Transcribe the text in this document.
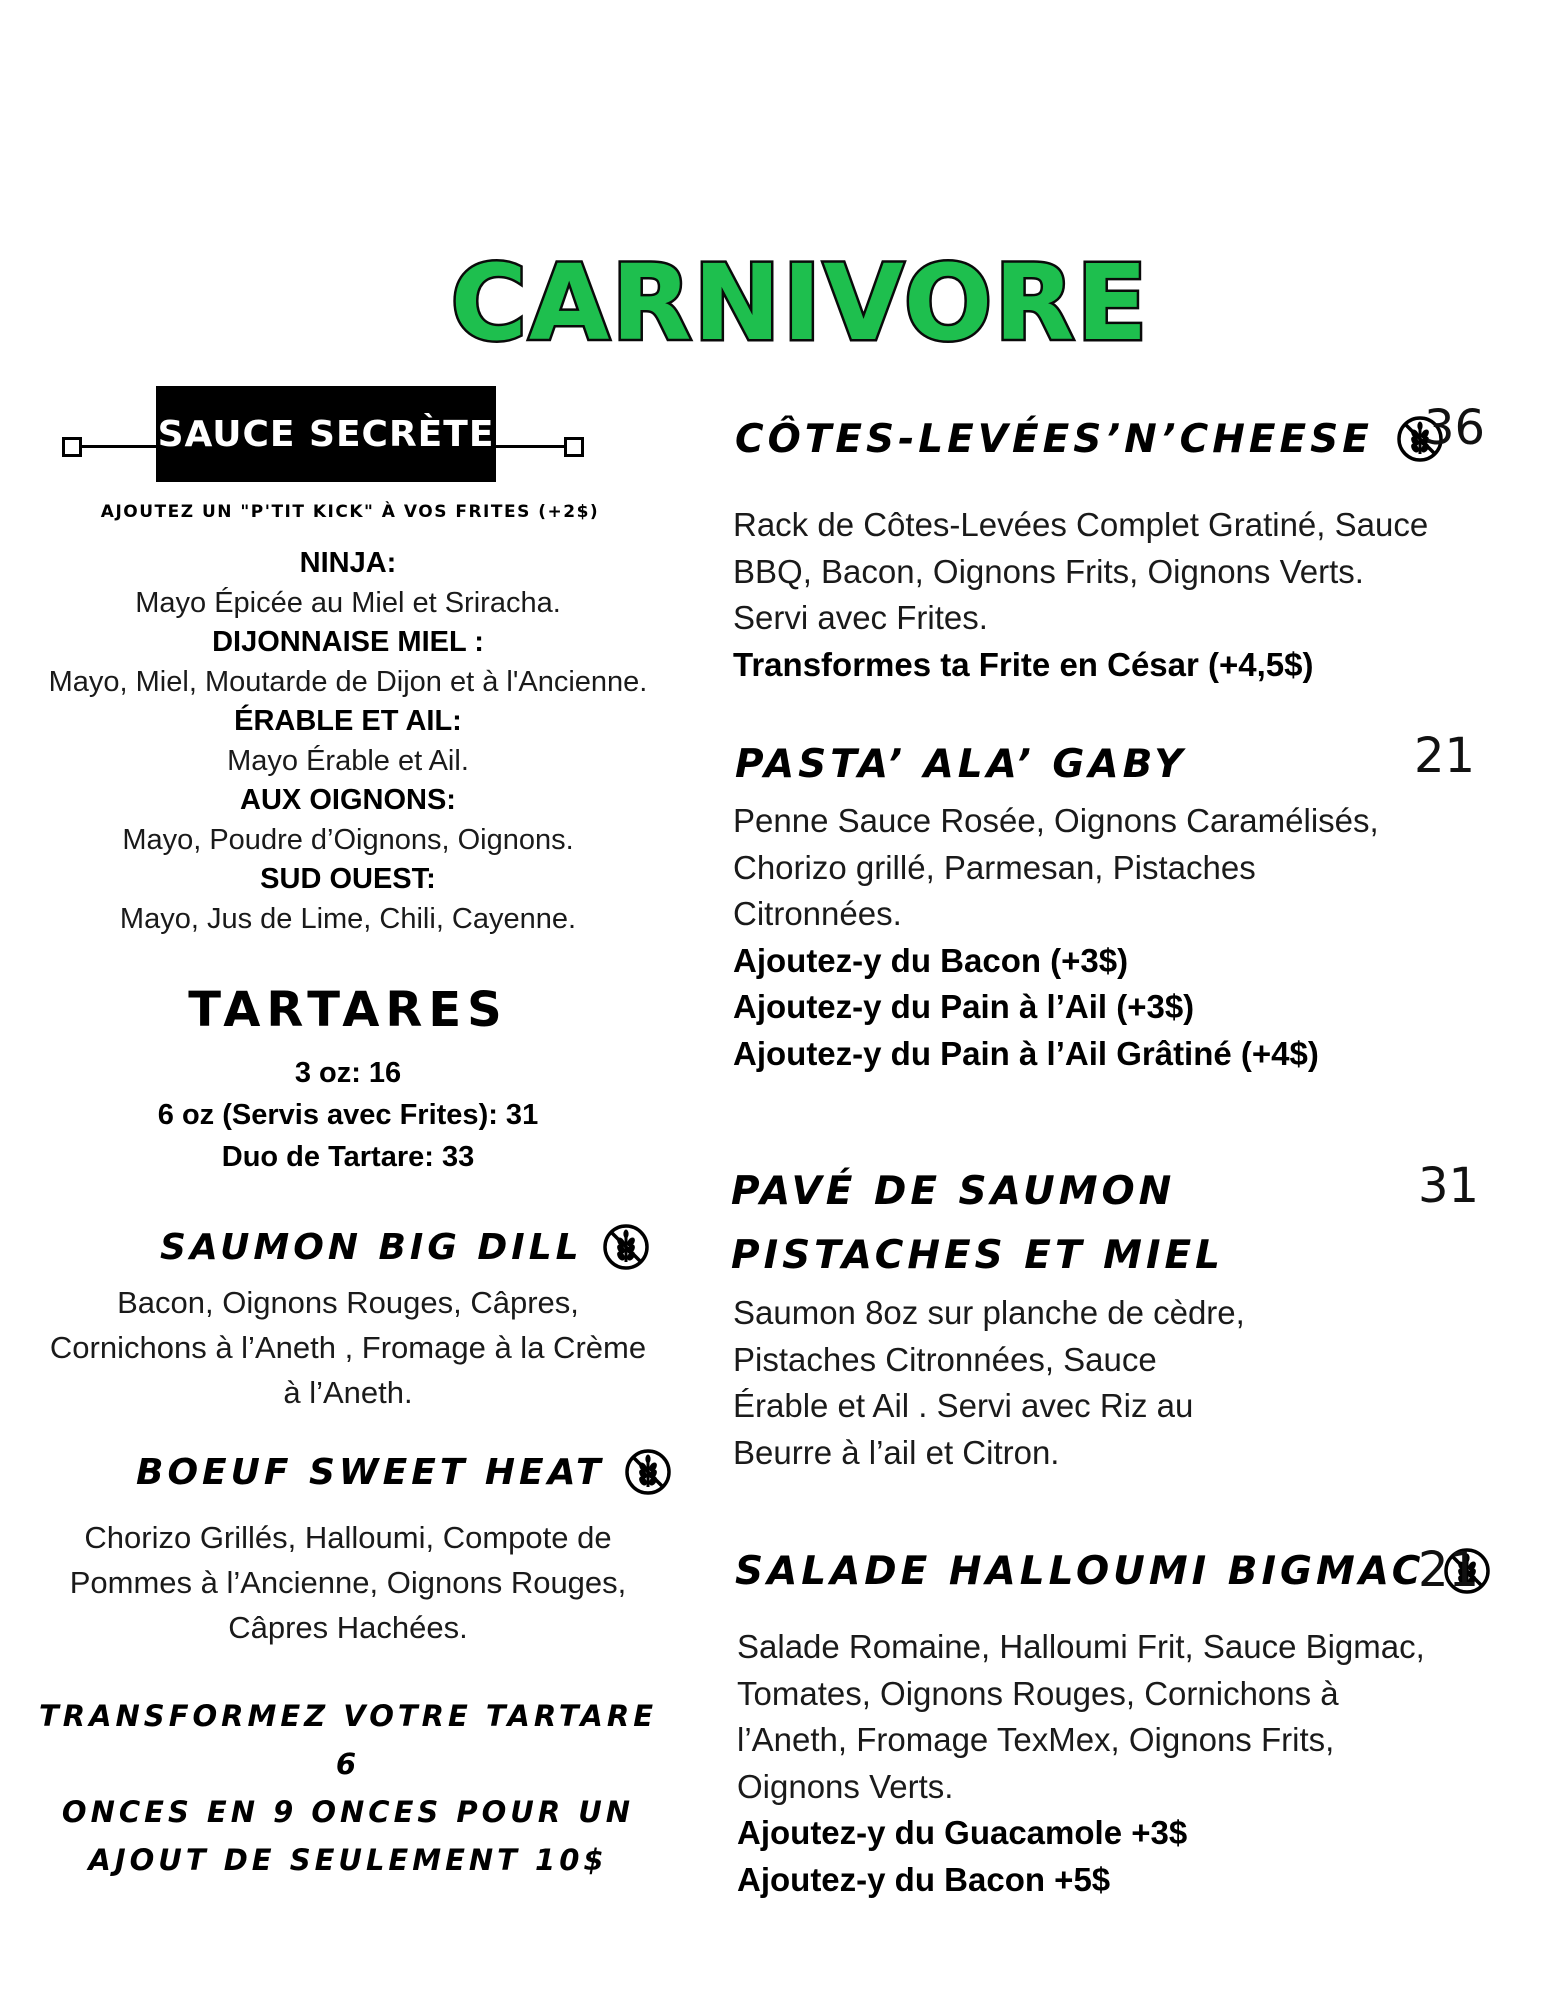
CARNIVORE
SAUCE SECRÈTE
AJOUTEZ UN "P'TIT KICK" À VOS FRITES (+2$)
NINJA:
Mayo Épicée au Miel et Sriracha.
DIJONNAISE MIEL :
Mayo, Miel, Moutarde de Dijon et à l'Ancienne.
ÉRABLE ET AIL:
Mayo Érable et Ail.
AUX OIGNONS:
Mayo, Poudre d’Oignons, Oignons.
SUD OUEST:
Mayo, Jus de Lime, Chili, Cayenne.
TARTARES
3 oz: 16
6 oz (Servis avec Frites): 31
Duo de Tartare: 33
SAUMON BIG DILL
Bacon, Oignons Rouges, Câpres,
Cornichons à l’Aneth , Fromage à la Crème
à l’Aneth.
BOEUF SWEET HEAT
Chorizo Grillés, Halloumi, Compote de
Pommes à l’Ancienne, Oignons Rouges,
Câpres Hachées.
TRANSFORMEZ VOTRE TARTARE 6
ONCES EN 9 ONCES POUR UN
AJOUT DE SEULEMENT 10$
CÔTES-LEVÉES’N’CHEESE 36
Rack de Côtes-Levées Complet Gratiné, Sauce
BBQ, Bacon, Oignons Frits, Oignons Verts.
Servi avec Frites.
Transformes ta Frite en César (+4,5$)
PASTA’ ALA’ GABY	21
Penne Sauce Rosée, Oignons Caramélisés,
Chorizo grillé, Parmesan, Pistaches
Citronnées.
Ajoutez-y du Bacon (+3$)
Ajoutez-y du Pain à l’Ail (+3$)
Ajoutez-y du Pain à l’Ail Grâtiné (+4$)
PAVÉ DE SAUMON
PISTACHES ET MIEL
31
Saumon 8oz sur planche de cèdre,
Pistaches Citronnées, Sauce
Érable et Ail . Servi avec Riz au
Beurre à l’ail et Citron.
SALADE HALLOUMI BIGMAC
21
Salade Romaine, Halloumi Frit, Sauce Bigmac,
Tomates, Oignons Rouges, Cornichons à
l’Aneth, Fromage TexMex, Oignons Frits,
Oignons Verts.
Ajoutez-y du Guacamole +3$
Ajoutez-y du Bacon +5$
